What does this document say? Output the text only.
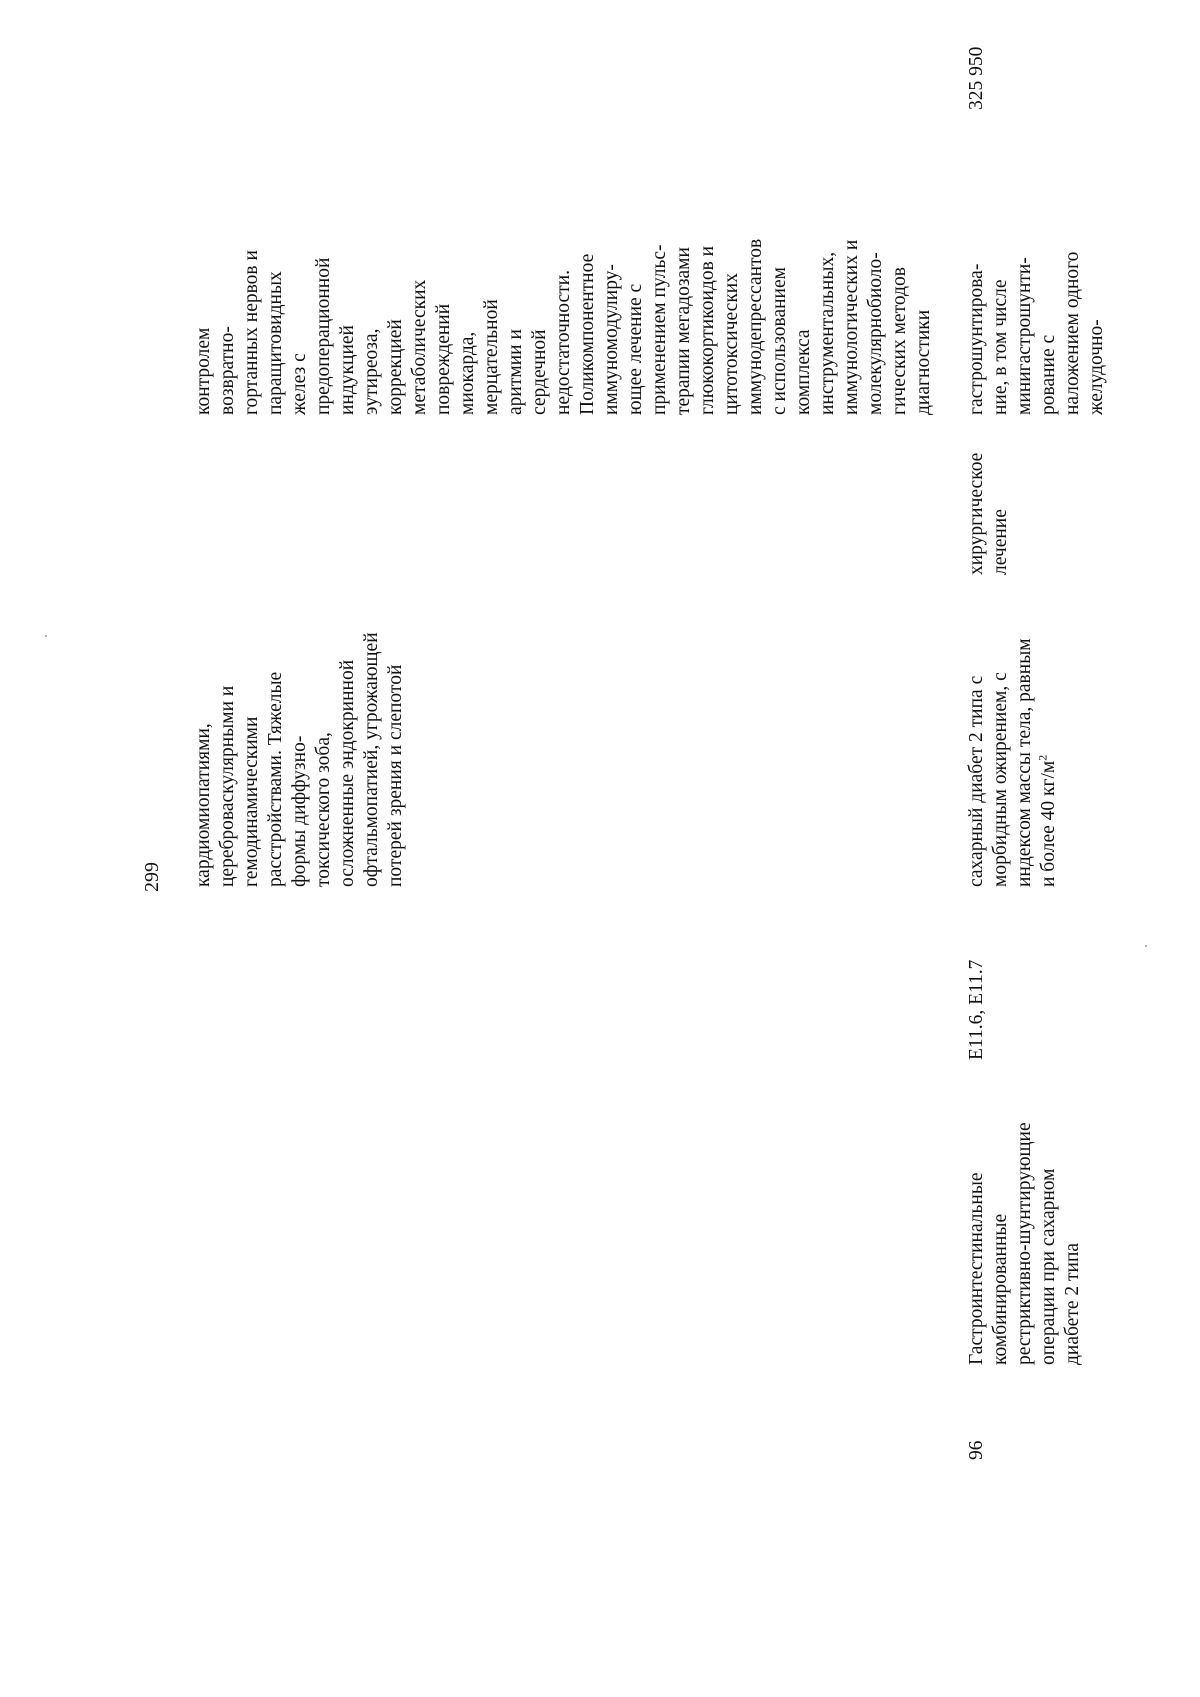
299 кардиомиопатиями, цереброваскулярными и гемодинамическими расстройствами. Тяжелые формы диффузно- токсического зоба, осложненные эндокринной офтальмопатией, угрожающей потерей зрения и слепотой
контролем возвратно- гортанных нервов и паращитовидных желез с предоперационной индукцией эутиреоза, коррекцией метаболических повреждений миокарда, мерцательной аритмии и сердечной недостаточности. Поликомпонентное иммуномодулиру- ющее лечение с применением пульс- терапии мегадозами глюкокортикоидов и цитотоксических иммунодепрессантов с использованием комплекса инструментальных, иммунологических и молекулярнобиоло- гических методов диагностики
96
Гастроинтестинальные комбинированные рестриктивно-шунтирующие операции при сахарном диабете 2 типа
E11.6, E11.7
сахарный диабет 2 типа с морбидным ожирением, с индексом массы тела, равным и более 40 $кг/м^2$
хирургическое лечение
гастрошунтирова- ние, в том числе минигастрошунти- рование с наложением одного желудочно-
325 950
